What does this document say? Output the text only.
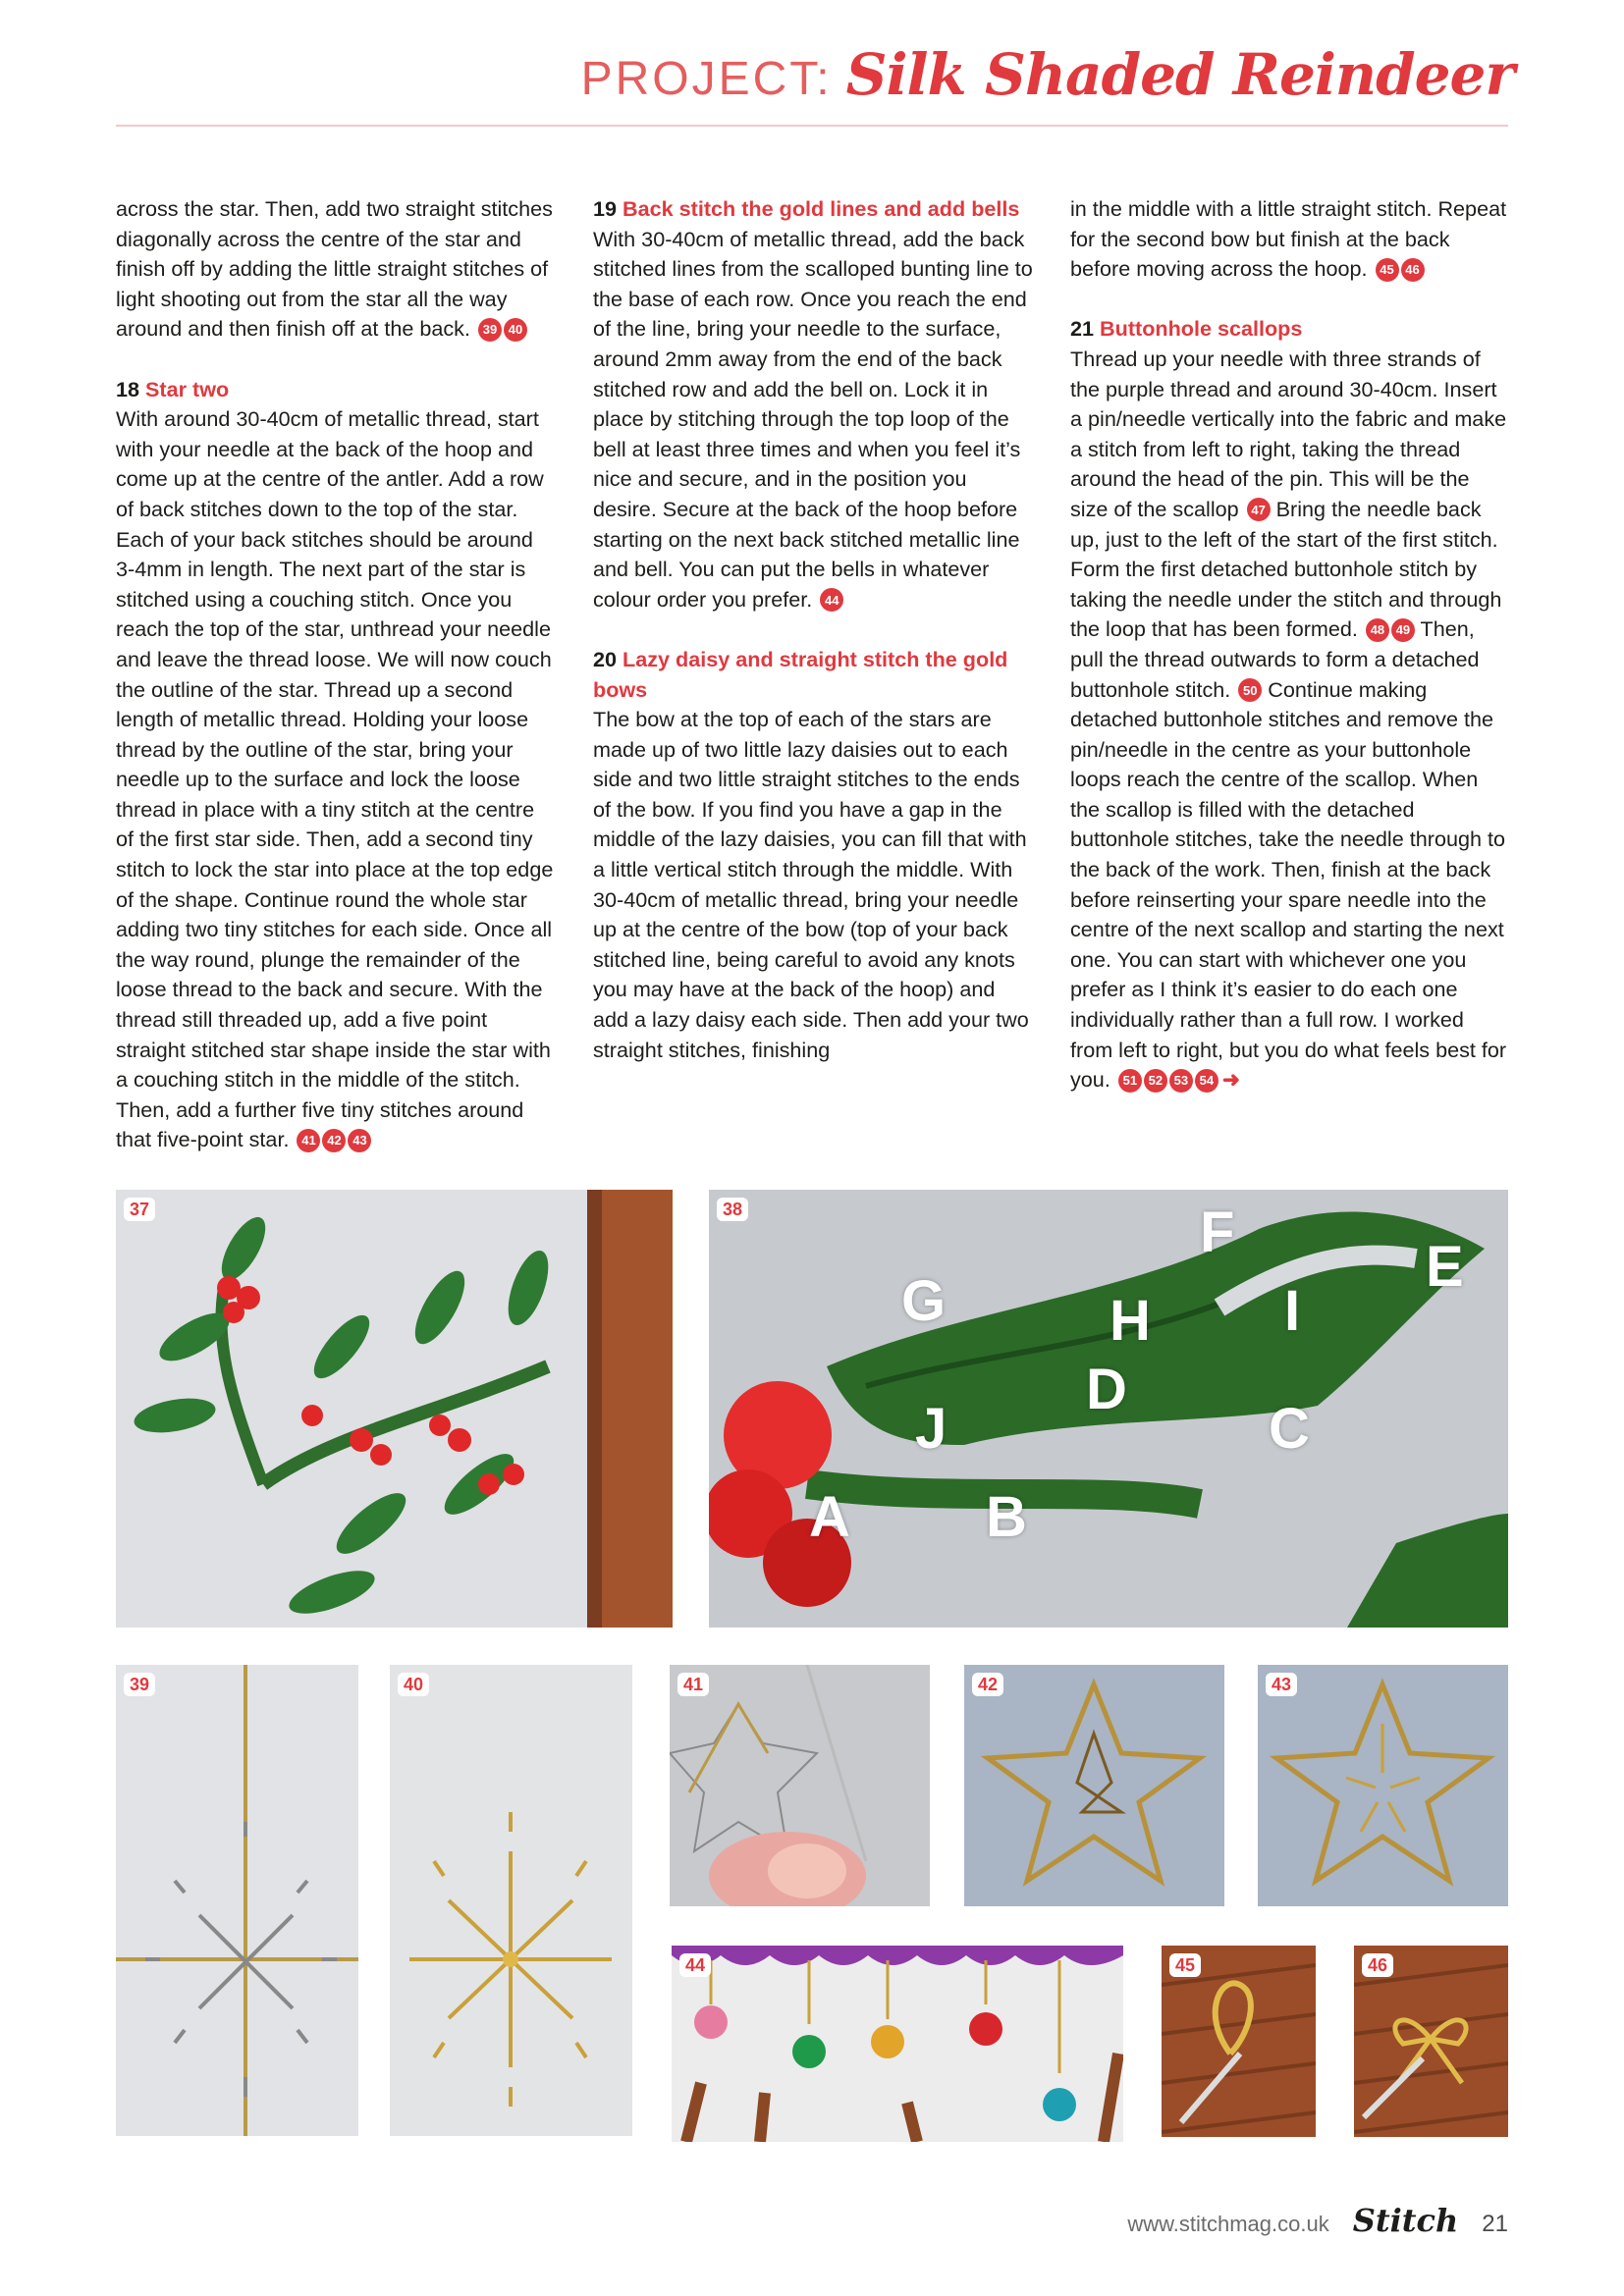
PROJECT: Silk Shaded Reindeer

across the star. Then, add two straight stitches diagonally across the centre of the star and finish off by adding the little straight stitches of light shooting out from the star all the way around and then finish off at the back. 39 40

18 Star two

With around 30-40cm of metallic thread, start with your needle at the back of the hoop and come up at the centre of the antler. Add a row of back stitches down to the top of the star. Each of your back stitches should be around 3-4mm in length. The next part of the star is stitched using a couching stitch. Once you reach the top of the star, unthread your needle and leave the thread loose. We will now couch the outline of the star. Thread up a second length of metallic thread. Holding your loose thread by the outline of the star, bring your needle up to the surface and lock the loose thread in place with a tiny stitch at the centre of the first star side. Then, add a second tiny stitch to lock the star into place at the top edge of the shape. Continue round the whole star adding two tiny stitches for each side. Once all the way round, plunge the remainder of the loose thread to the back and secure. With the thread still threaded up, add a five point straight stitched star shape inside the star with a couching stitch in the middle of the stitch. Then, add a further five tiny stitches around that five-point star. 41 42 43

19 Back stitch the gold lines and add bells

With 30-40cm of metallic thread, add the back stitched lines from the scalloped bunting line to the base of each row. Once you reach the end of the line, bring your needle to the surface, around 2mm away from the end of the back stitched row and add the bell on. Lock it in place by stitching through the top loop of the bell at least three times and when you feel it’s nice and secure, and in the position you desire. Secure at the back of the hoop before starting on the next back stitched metallic line and bell. You can put the bells in whatever colour order you prefer. 44

20 Lazy daisy and straight stitch the gold bows

The bow at the top of each of the stars are made up of two little lazy daisies out to each side and two little straight stitches to the ends of the bow. If you find you have a gap in the middle of the lazy daisies, you can fill that with a little vertical stitch through the middle. With 30-40cm of metallic thread, bring your needle up at the centre of the bow (top of your back stitched line, being careful to avoid any knots you may have at the back of the hoop) and add a lazy daisy each side. Then add your two straight stitches, finishing

in the middle with a little straight stitch. Repeat for the second bow but finish at the back before moving across the hoop. 45 46

21 Buttonhole scallops

Thread up your needle with three strands of the purple thread and around 30-40cm. Insert a pin/needle vertically into the fabric and make a stitch from left to right, taking the thread around the head of the pin. This will be the size of the scallop 47 Bring the needle back up, just to the left of the start of the first stitch. Form the first detached buttonhole stitch by taking the needle under the stitch and through the loop that has been formed. 48 49 Then, pull the thread outwards to form a detached buttonhole stitch. 50 Continue making detached buttonhole stitches and remove the pin/needle in the centre as your buttonhole loops reach the centre of the scallop. When the scallop is filled with the detached buttonhole stitches, take the needle through to the back of the work. Then, finish at the back before reinserting your spare needle into the centre of the next scallop and starting the next one. You can start with whichever one you prefer as I think it’s easier to do each one individually rather than a full row. I worked from left to right, but you do what feels best for you. 51 52 53 54 ➜

37
G
F
E
H I
D
C
J
A B
38
39	40	41	42	43
44	45	46
www.stitchmag.co.uk Stitch 21
